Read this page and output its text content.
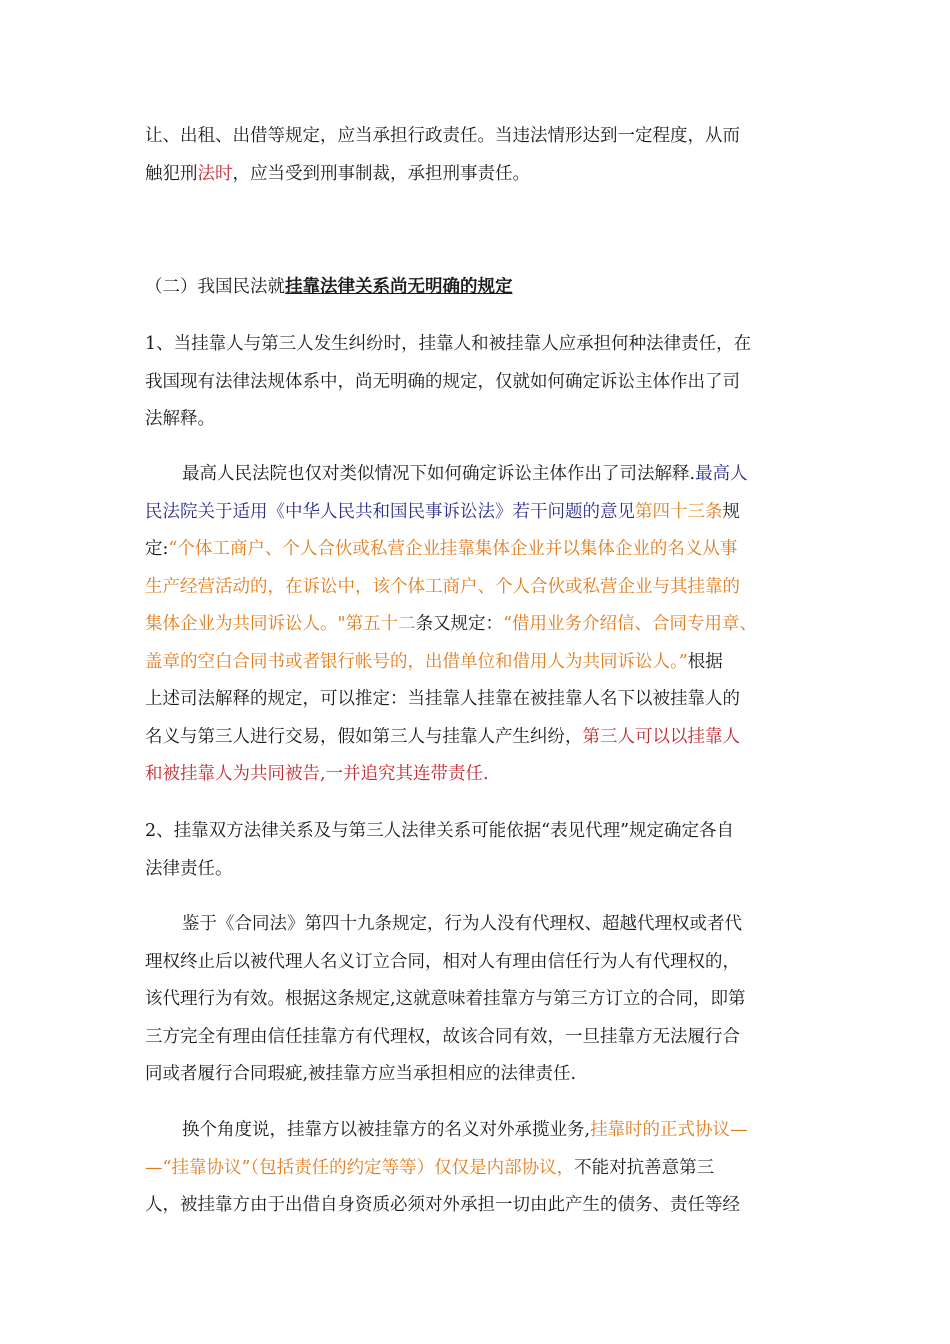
让、出租、出借等规定，应当承担行政责任。当违法情形达到一定程度，从而
触犯刑法时，应当受到刑事制裁，承担刑事责任。

（二）我国民法就挂靠法律关系尚无明确的规定

1、当挂靠人与第三人发生纠纷时，挂靠人和被挂靠人应承担何种法律责任，在
我国现有法律法规体系中，尚无明确的规定，仅就如何确定诉讼主体作出了司
法解释。

最高人民法院也仅对类似情况下如何确定诉讼主体作出了司法解释.最高人
民法院关于适用《中华人民共和国民事诉讼法》若干问题的意见第四十三条规
定:“个体工商户、个人合伙或私营企业挂靠集体企业并以集体企业的名义从事
生产经营活动的，在诉讼中，该个体工商户、个人合伙或私营企业与其挂靠的
集体企业为共同诉讼人。"第五十二条又规定：“借用业务介绍信、合同专用章、
盖章的空白合同书或者银行帐号的，出借单位和借用人为共同诉讼人。”根据
上述司法解释的规定，可以推定：当挂靠人挂靠在被挂靠人名下以被挂靠人的
名义与第三人进行交易，假如第三人与挂靠人产生纠纷，第三人可以以挂靠人
和被挂靠人为共同被告,一并追究其连带责任.

2、挂靠双方法律关系及与第三人法律关系可能依据“表见代理”规定确定各自
法律责任。

鉴于《合同法》第四十九条规定，行为人没有代理权、超越代理权或者代
理权终止后以被代理人名义订立合同，相对人有理由信任行为人有代理权的，
该代理行为有效。根据这条规定,这就意味着挂靠方与第三方订立的合同，即第
三方完全有理由信任挂靠方有代理权，故该合同有效，一旦挂靠方无法履行合
同或者履行合同瑕疵,被挂靠方应当承担相应的法律责任.

换个角度说，挂靠方以被挂靠方的名义对外承揽业务,挂靠时的正式协议—
—“挂靠协议”（包括责任的约定等等）仅仅是内部协议，不能对抗善意第三
人，被挂靠方由于出借自身资质必须对外承担一切由此产生的债务、责任等经
